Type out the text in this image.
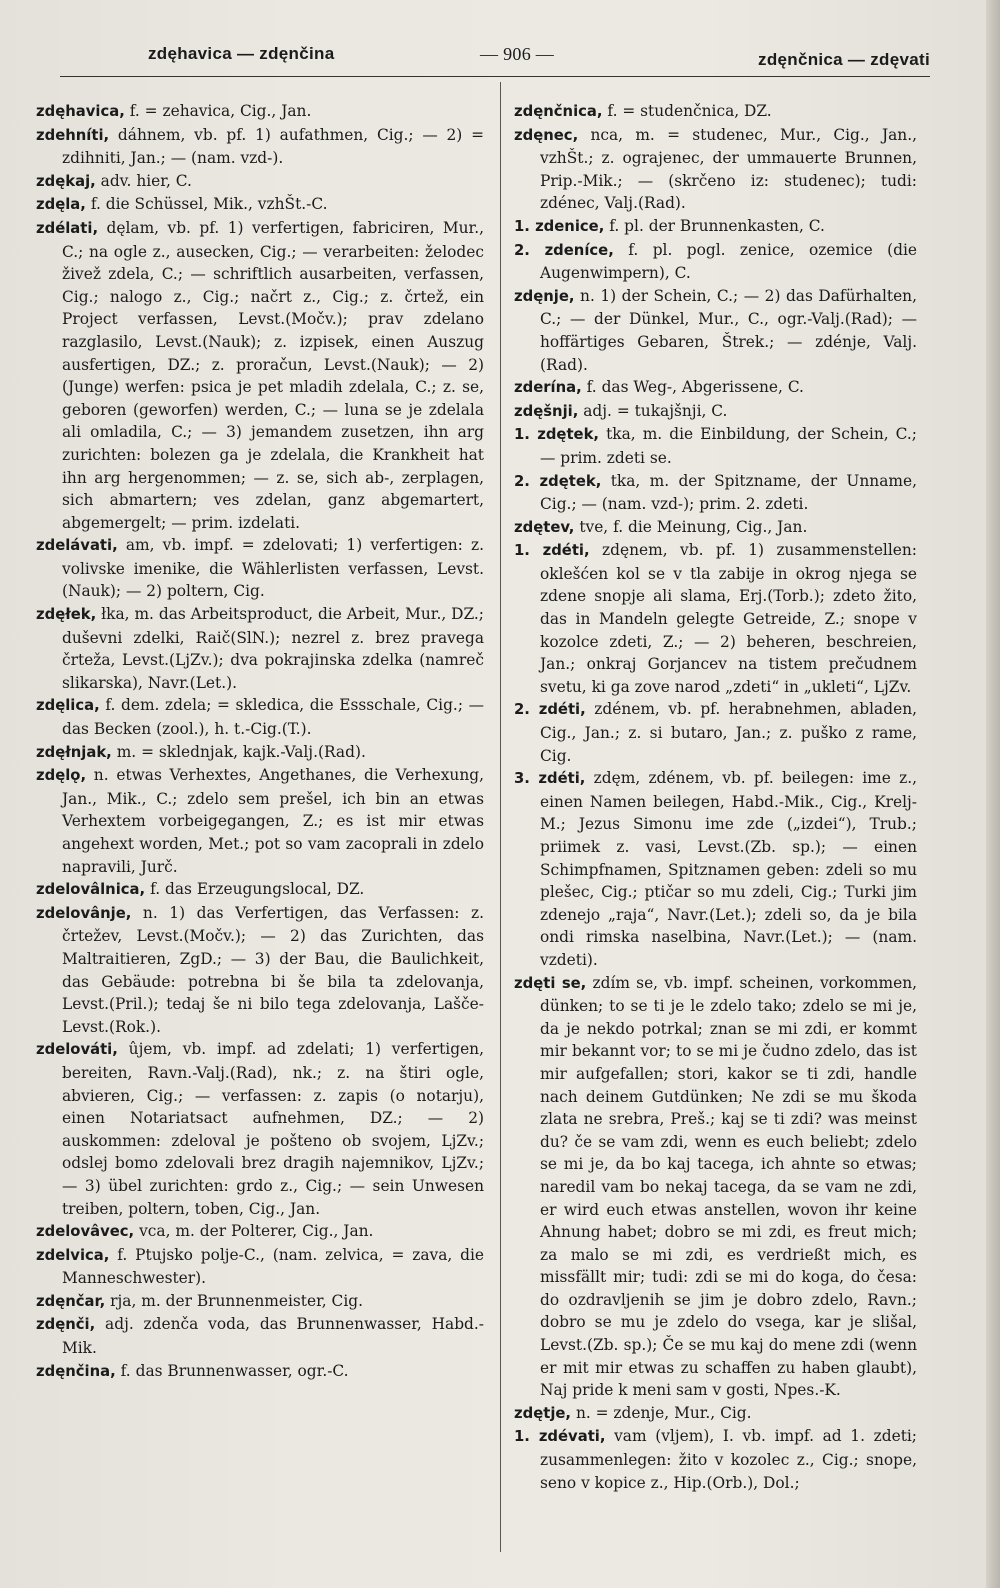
zdęhavica — zdęnčina	— 906 —	zdęnčnica — zdęvati

zdęhavica, f. = zehavica, Cig., Jan.

zdehníti, dáhnem, vb. pf. 1) aufathmen, Cig.; — 2) = zdihniti, Jan.; — (nam. vzd-).

zdękaj, adv. hier, C.

zdęla, f. die Schüssel, Mik., vzhŠt.-C.

zdélati, dęlam, vb. pf. 1) verfertigen, fabriciren, Mur., C.; na ogle z., ausecken, Cig.; — verarbeiten: želodec živež zdela, C.; — schriftlich ausarbeiten, verfassen, Cig.; nalogo z., Cig.; načrt z., Cig.; z. črtež, ein Project verfassen, Levst.(Močv.); prav zdelano razglasilo, Levst.(Nauk); z. izpisek, einen Auszug ausfertigen, DZ.; z. proračun, Levst.(Nauk); — 2) (Junge) werfen: psica je pet mladih zdelala, C.; z. se, geboren (geworfen) werden, C.; — luna se je zdelala ali omladila, C.; — 3) jemandem zusetzen, ihn arg zurichten: bolezen ga je zdelala, die Krankheit hat ihn arg hergenommen; — z. se, sich ab-, zerplagen, sich abmartern; ves zdelan, ganz abgemartert, abgemergelt; — prim. izdelati.

zdelávati, am, vb. impf. = zdelovati; 1) verfertigen: z. volivske imenike, die Wählerlisten verfassen, Levst.(Nauk); — 2) poltern, Cig.

zdęłek, łka, m. das Arbeitsproduct, die Arbeit, Mur., DZ.; duševni zdelki, Raič(SlN.); nezrel z. brez pravega črteža, Levst.(LjZv.); dva pokrajinska zdelka (namreč slikarska), Navr.(Let.).

zdęlica, f. dem. zdela; = skledica, die Essschale, Cig.; — das Becken (zool.), h. t.-Cig.(T.).

zdęłnjak, m. = sklednjak, kajk.-Valj.(Rad).

zdęlǫ, n. etwas Verhextes, Angethanes, die Verhexung, Jan., Mik., C.; zdelo sem prešel, ich bin an etwas Verhextem vorbeigegangen, Z.; es ist mir etwas angehext worden, Met.; pot so vam zacoprali in zdelo napravili, Jurč.

zdelovâlnica, f. das Erzeugungslocal, DZ.

zdelovânje, n. 1) das Verfertigen, das Verfassen: z. črtežev, Levst.(Močv.); — 2) das Zurichten, das Maltraitieren, ZgD.; — 3) der Bau, die Baulichkeit, das Gebäude: potrebna bi še bila ta zdelovanja, Levst.(Pril.); tedaj še ni bilo tega zdelovanja, Lašče-Levst.(Rok.).

zdelováti, ûjem, vb. impf. ad zdelati; 1) verfertigen, bereiten, Ravn.-Valj.(Rad), nk.; z. na štiri ogle, abvieren, Cig.; — verfassen: z. zapis (o notarju), einen Notariatsact aufnehmen, DZ.; — 2) auskommen: zdeloval je pošteno ob svojem, LjZv.; odslej bomo zdelovali brez dragih najemnikov, LjZv.; — 3) übel zurichten: grdo z., Cig.; — sein Unwesen treiben, poltern, toben, Cig., Jan.

zdelovâvec, vca, m. der Polterer, Cig., Jan.

zdelvica, f. Ptujsko polje-C., (nam. zelvica, = zava, die Manneschwester).

zdęnčar, rja, m. der Brunnenmeister, Cig.

zdęnči, adj. zdenča voda, das Brunnenwasser, Habd.-Mik.

zdęnčina, f. das Brunnenwasser, ogr.-C.

zdęnčnica, f. = studenčnica, DZ.

zdęnec, nca, m. = studenec, Mur., Cig., Jan., vzhŠt.; z. ograjenec, der ummauerte Brunnen, Prip.-Mik.; — (skrčeno iz: studenec); tudi: zdénec, Valj.(Rad).

1. zdenice, f. pl. der Brunnenkasten, C.

2. zdeníce, f. pl. pogl. zenice, ozemice (die Augenwimpern), C.

zdęnje, n. 1) der Schein, C.; — 2) das Dafürhalten, C.; — der Dünkel, Mur., C., ogr.-Valj.(Rad); — hoffärtiges Gebaren, Štrek.; — zdénje, Valj.(Rad).

zderína, f. das Weg-, Abgerissene, C.

zdęšnji, adj. = tukajšnji, C.

1. zdętek, tka, m. die Einbildung, der Schein, C.; — prim. zdeti se.

2. zdętek, tka, m. der Spitzname, der Unname, Cig.; — (nam. vzd-); prim. 2. zdeti.

zdętev, tve, f. die Meinung, Cig., Jan.

1. zdéti, zdęnem, vb. pf. 1) zusammenstellen: oklešćen kol se v tla zabije in okrog njega se zdene snopje ali slama, Erj.(Torb.); zdeto žito, das in Mandeln gelegte Getreide, Z.; snope v kozolce zdeti, Z.; — 2) beheren, beschreien, Jan.; onkraj Gorjancev na tistem prečudnem svetu, ki ga zove narod „zdeti“ in „ukleti“, LjZv.

2. zdéti, zdénem, vb. pf. herabnehmen, abladen, Cig., Jan.; z. si butaro, Jan.; z. puško z rame, Cig.

3. zdéti, zdęm, zdénem, vb. pf. beilegen: ime z., einen Namen beilegen, Habd.-Mik., Cig., Krelj-M.; Jezus Simonu ime zde („izdei“), Trub.; priimek z. vasi, Levst.(Zb. sp.); — einen Schimpfnamen, Spitznamen geben: zdeli so mu plešec, Cig.; ptičar so mu zdeli, Cig.; Turki jim zdenejo „raja“, Navr.(Let.); zdeli so, da je bila ondi rimska naselbina, Navr.(Let.); — (nam. vzdeti).

zdęti se, zdím se, vb. impf. scheinen, vorkommen, dünken; to se ti je le zdelo tako; zdelo se mi je, da je nekdo potrkal; znan se mi zdi, er kommt mir bekannt vor; to se mi je čudno zdelo, das ist mir aufgefallen; stori, kakor se ti zdi, handle nach deinem Gutdünken; Ne zdi se mu škoda zlata ne srebra, Preš.; kaj se ti zdi? was meinst du? če se vam zdi, wenn es euch beliebt; zdelo se mi je, da bo kaj tacega, ich ahnte so etwas; naredil vam bo nekaj tacega, da se vam ne zdi, er wird euch etwas anstellen, wovon ihr keine Ahnung habet; dobro se mi zdi, es freut mich; za malo se mi zdi, es verdrießt mich, es missfällt mir; tudi: zdi se mi do koga, do česa: do ozdravljenih se jim je dobro zdelo, Ravn.; dobro se mu je zdelo do vsega, kar je slišal, Levst.(Zb. sp.); Če se mu kaj do mene zdi (wenn er mit mir etwas zu schaffen zu haben glaubt), Naj pride k meni sam v gosti, Npes.-K.

zdętje, n. = zdenje, Mur., Cig.

1. zdévati, vam (vljem), I. vb. impf. ad 1. zdeti; zusammenlegen: žito v kozolec z., Cig.; snope, seno v kopice z., Hip.(Orb.), Dol.;
